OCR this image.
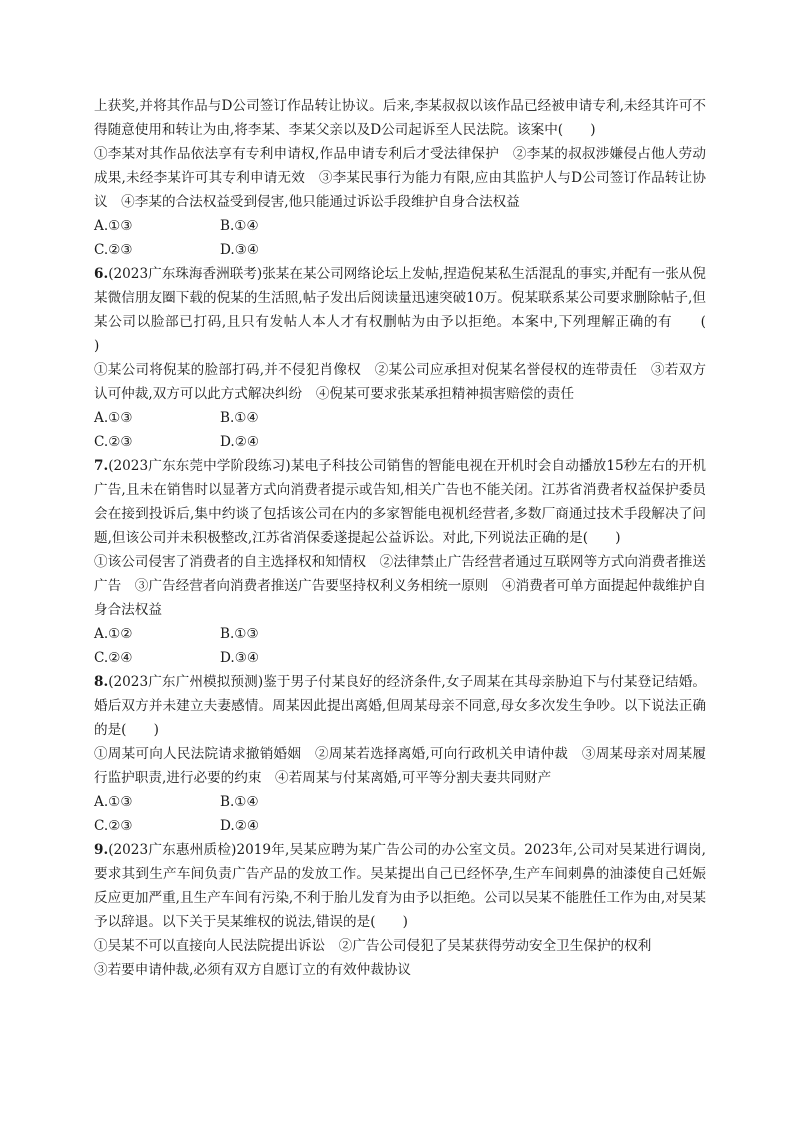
上获奖,并将其作品与D公司签订作品转让协议。后来,李某叔叔以该作品已经被申请专利,未经其许可不得随意使用和转让为由,将李某、李某父亲以及D公司起诉至人民法院。该案中(　　)

①李某对其作品依法享有专利申请权,作品申请专利后才受法律保护　②李某的叔叔涉嫌侵占他人劳动成果,未经李某许可其专利申请无效　③李某民事行为能力有限,应由其监护人与D公司签订作品转让协议　④李某的合法权益受到侵害,他只能通过诉讼手段维护自身合法权益

A.①③	B.①④
C.②③	D.③④

6.(2023广东珠海香洲联考)张某在某公司网络论坛上发帖,捏造倪某私生活混乱的事实,并配有一张从倪某微信朋友圈下载的倪某的生活照,帖子发出后阅读量迅速突破10万。倪某联系某公司要求删除帖子,但某公司以脸部已打码,且只有发帖人本人才有权删帖为由予以拒绝。本案中,下列理解正确的有　　(　　)

①某公司将倪某的脸部打码,并不侵犯肖像权　②某公司应承担对倪某名誉侵权的连带责任　③若双方认可仲裁,双方可以此方式解决纠纷　④倪某可要求张某承担精神损害赔偿的责任

A.①③	B.①④
C.②③	D.②④

7.(2023广东东莞中学阶段练习)某电子科技公司销售的智能电视在开机时会自动播放15秒左右的开机广告,且未在销售时以显著方式向消费者提示或告知,相关广告也不能关闭。江苏省消费者权益保护委员会在接到投诉后,集中约谈了包括该公司在内的多家智能电视机经营者,多数厂商通过技术手段解决了问题,但该公司并未积极整改,江苏省消保委遂提起公益诉讼。对此,下列说法正确的是(　　)

①该公司侵害了消费者的自主选择权和知情权　②法律禁止广告经营者通过互联网等方式向消费者推送广告　③广告经营者向消费者推送广告要坚持权利义务相统一原则　④消费者可单方面提起仲裁维护自身合法权益

A.①②	B.①③
C.②④	D.③④

8.(2023广东广州模拟预测)鉴于男子付某良好的经济条件,女子周某在其母亲胁迫下与付某登记结婚。婚后双方并未建立夫妻感情。周某因此提出离婚,但周某母亲不同意,母女多次发生争吵。以下说法正确的是(　　)

①周某可向人民法院请求撤销婚姻　②周某若选择离婚,可向行政机关申请仲裁　③周某母亲对周某履行监护职责,进行必要的约束　④若周某与付某离婚,可平等分割夫妻共同财产

A.①③	B.①④
C.②③	D.②④

9.(2023广东惠州质检)2019年,吴某应聘为某广告公司的办公室文员。2023年,公司对吴某进行调岗,要求其到生产车间负责广告产品的发放工作。吴某提出自己已经怀孕,生产车间刺鼻的油漆使自己妊娠反应更加严重,且生产车间有污染,不利于胎儿发育为由予以拒绝。公司以吴某不能胜任工作为由,对吴某予以辞退。以下关于吴某维权的说法,错误的是(　　)

①吴某不可以直接向人民法院提出诉讼　②广告公司侵犯了吴某获得劳动安全卫生保护的权利

③若要申请仲裁,必须有双方自愿订立的有效仲裁协议
